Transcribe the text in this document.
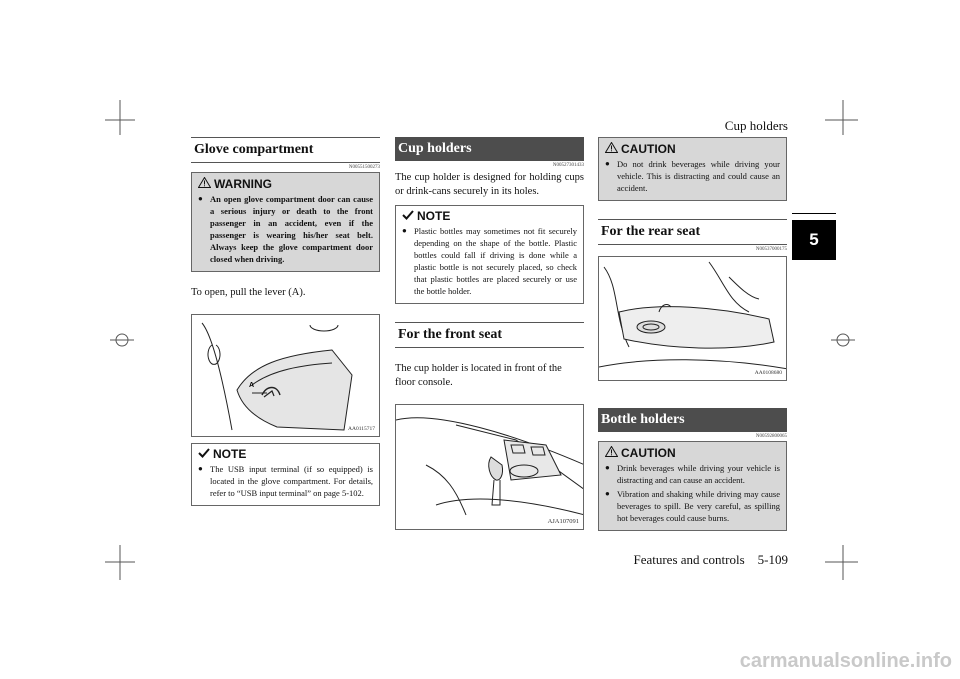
Cup holders
5
Features and controls    5-109
Glove compartment
N00551500273
WARNING
● An open glove compartment door can cause a serious injury or death to the front passenger in an accident, even if the passenger is wearing his/her seat belt. Always keep the glove compartment door closed when driving.
To open, pull the lever (A).
A
AA0115717
NOTE
● The USB input terminal (if so equipped) is located in the glove compartment. For details, refer to “USB input terminal” on page 5-102.
Cup holders
N00527301433
The cup holder is designed for holding cups or drink-cans securely in its holes.
NOTE
● Plastic bottles may sometimes not fit securely depending on the shape of the bottle. Plastic bottles could fall if driving is done while a plastic bottle is not securely placed, so check that plastic bottles are placed securely or use the bottle holder.
For the front seat
The cup holder is located in front of the floor console.
AJA107091
CAUTION
● Do not drink beverages while driving your vehicle. This is distracting and could cause an accident.
For the rear seat
N00537000175
AA0108680
Bottle holders
N00592800065
CAUTION
● Drink beverages while driving your vehicle is distracting and can cause an accident.
● Vibration and shaking while driving may cause beverages to spill. Be very careful, as spilling hot beverages could cause burns.
carmanualsonline.info
